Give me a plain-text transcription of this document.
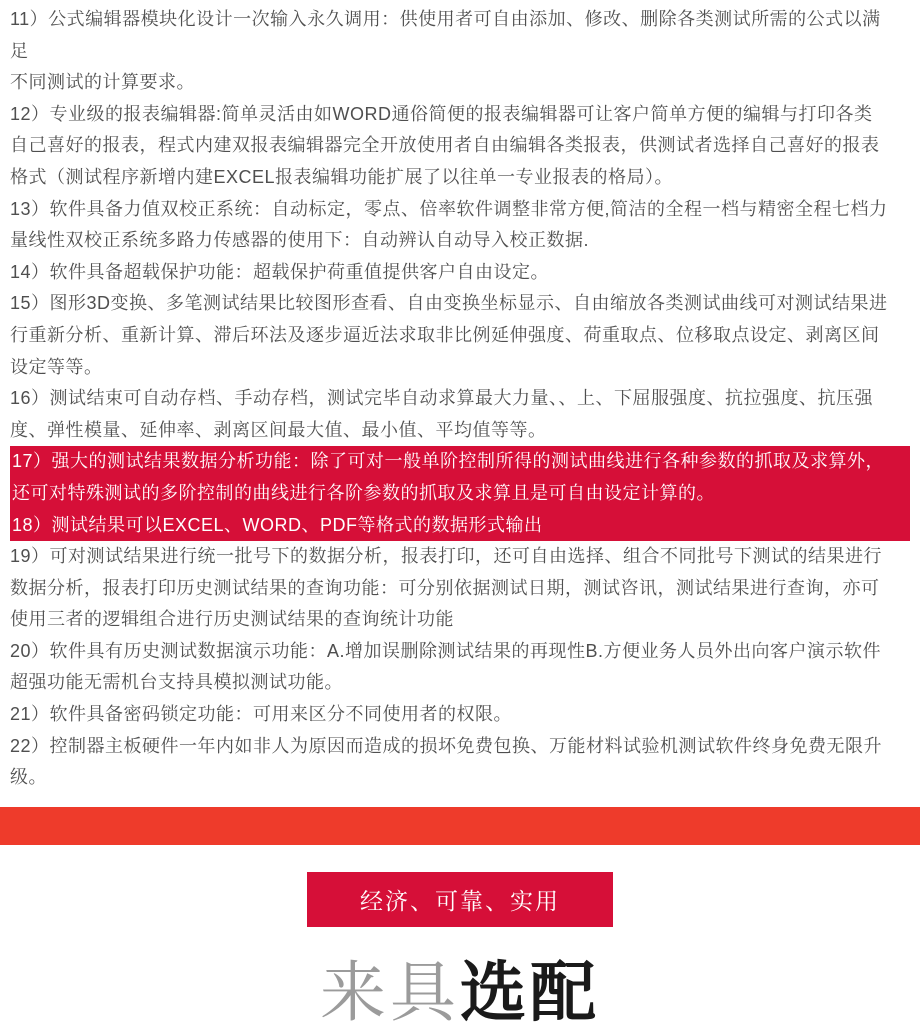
11）公式编辑器模块化设计一次输入永久调用：供使用者可自由添加、修改、删除各类测试所需的公式以满
足
不同测试的计算要求。
12）专业级的报表编辑器:简单灵活由如WORD通俗简便的报表编辑器可让客户简单方便的编辑与打印各类
自己喜好的报表，程式内建双报表编辑器完全开放使用者自由编辑各类报表，供测试者选择自己喜好的报表
格式（测试程序新增内建EXCEL报表编辑功能扩展了以往单一专业报表的格局）。
13）软件具备力值双校正系统：自动标定，零点、倍率软件调整非常方便,简洁的全程一档与精密全程七档力
量线性双校正系统多路力传感器的使用下：自动辨认自动导入校正数据.
14）软件具备超载保护功能：超载保护荷重值提供客户自由设定。
15）图形3D变换、多笔测试结果比较图形查看、自由变换坐标显示、自由缩放各类测试曲线可对测试结果进
行重新分析、重新计算、滞后环法及逐步逼近法求取非比例延伸强度、荷重取点、位移取点设定、剥离区间
设定等等。
16）测试结束可自动存档、手动存档，测试完毕自动求算最大力量、、上、下屈服强度、抗拉强度、抗压强
度、弹性模量、延伸率、剥离区间最大值、最小值、平均值等等。
17）强大的测试结果数据分析功能：除了可对一般单阶控制所得的测试曲线进行各种参数的抓取及求算外，
还可对特殊测试的多阶控制的曲线进行各阶参数的抓取及求算且是可自由设定计算的。
18）测试结果可以EXCEL、WORD、PDF等格式的数据形式输出
19）可对测试结果进行统一批号下的数据分析，报表打印，还可自由选择、组合不同批号下测试的结果进行
数据分析，报表打印历史测试结果的查询功能：可分别依据测试日期，测试咨讯，测试结果进行查询，亦可
使用三者的逻辑组合进行历史测试结果的查询统计功能
20）软件具有历史测试数据演示功能：A.增加误删除测试结果的再现性B.方便业务人员外出向客户演示软件
超强功能无需机台支持具模拟测试功能。
21）软件具备密码锁定功能：可用来区分不同使用者的权限。
22）控制器主板硬件一年内如非人为原因而造成的损坏免费包换、万能材料试验机测试软件终身免费无限升
级。
经济、可靠、实用
来具选配
